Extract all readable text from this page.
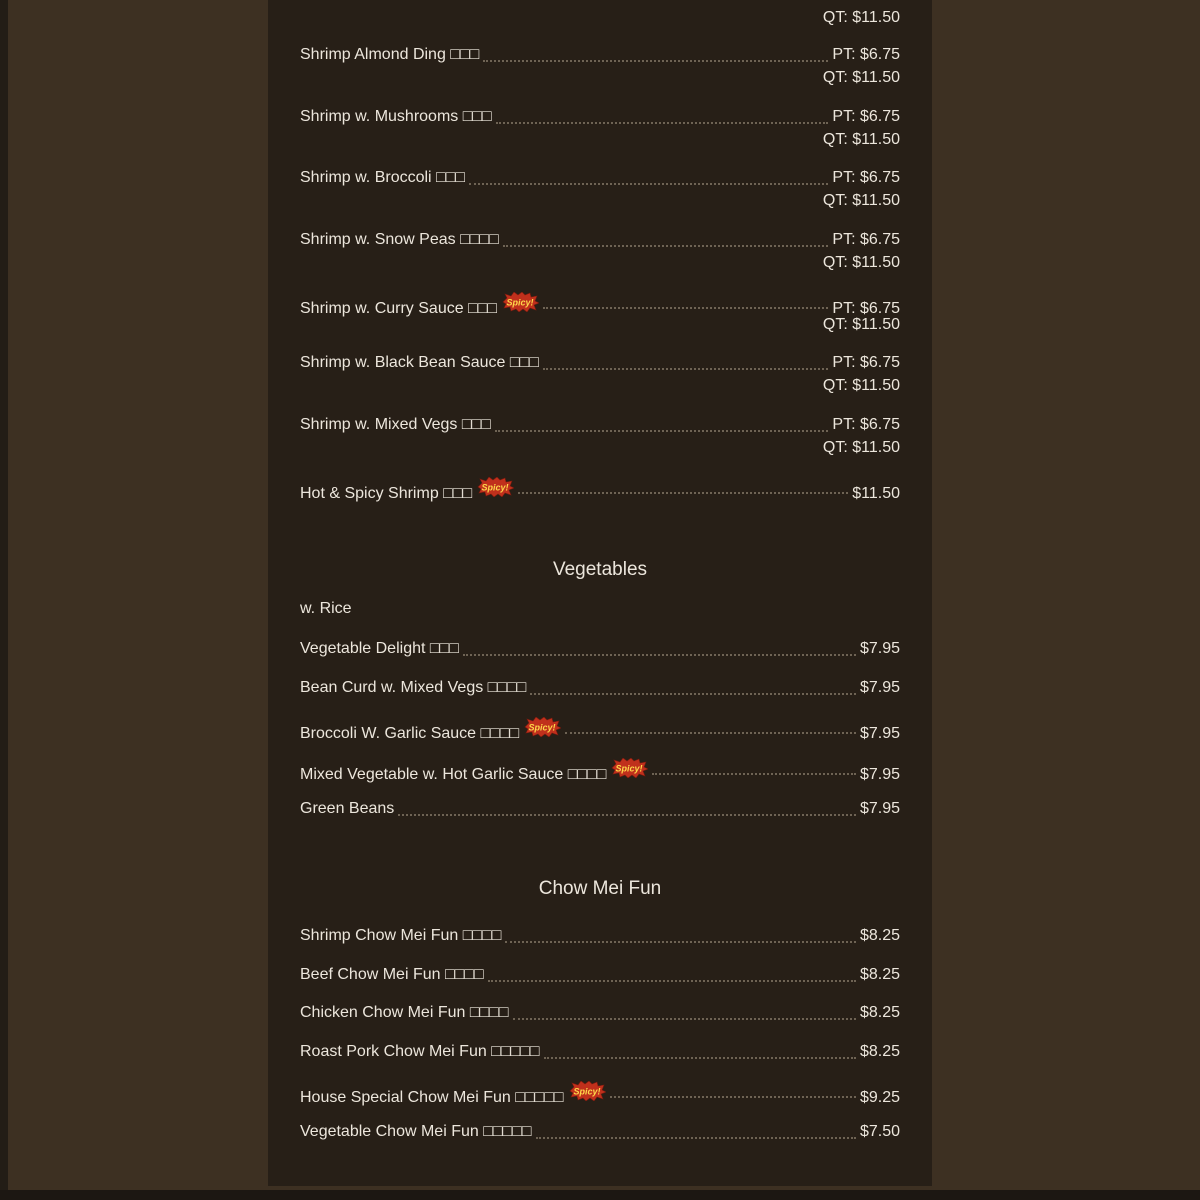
QT: $11.50
Vegetables
w. Rice
Chow Mei Fun
Shrimp Almond Ding □□□	PT: $6.75
QT: $11.50
Shrimp w. Mushrooms □□□	PT: $6.75
QT: $11.50
Shrimp w. Broccoli □□□	PT: $6.75
QT: $11.50
Shrimp w. Snow Peas □□□□	PT: $6.75
QT: $11.50
Shrimp w. Curry Sauce □□□ Spicy!	PT: $6.75
QT: $11.50
Shrimp w. Black Bean Sauce □□□	PT: $6.75
QT: $11.50
Shrimp w. Mixed Vegs □□□	PT: $6.75
QT: $11.50
Hot & Spicy Shrimp □□□ Spicy!	$11.50
Vegetable Delight □□□	$7.95
Bean Curd w. Mixed Vegs □□□□	$7.95
Broccoli W. Garlic Sauce □□□□ Spicy!	$7.95
Mixed Vegetable w. Hot Garlic Sauce □□□□ Spicy!	$7.95
Green Beans	$7.95
Shrimp Chow Mei Fun □□□□	$8.25
Beef Chow Mei Fun □□□□	$8.25
Chicken Chow Mei Fun □□□□	$8.25
Roast Pork Chow Mei Fun □□□□□	$8.25
House Special Chow Mei Fun □□□□□ Spicy!	$9.25
Vegetable Chow Mei Fun □□□□□	$7.50
